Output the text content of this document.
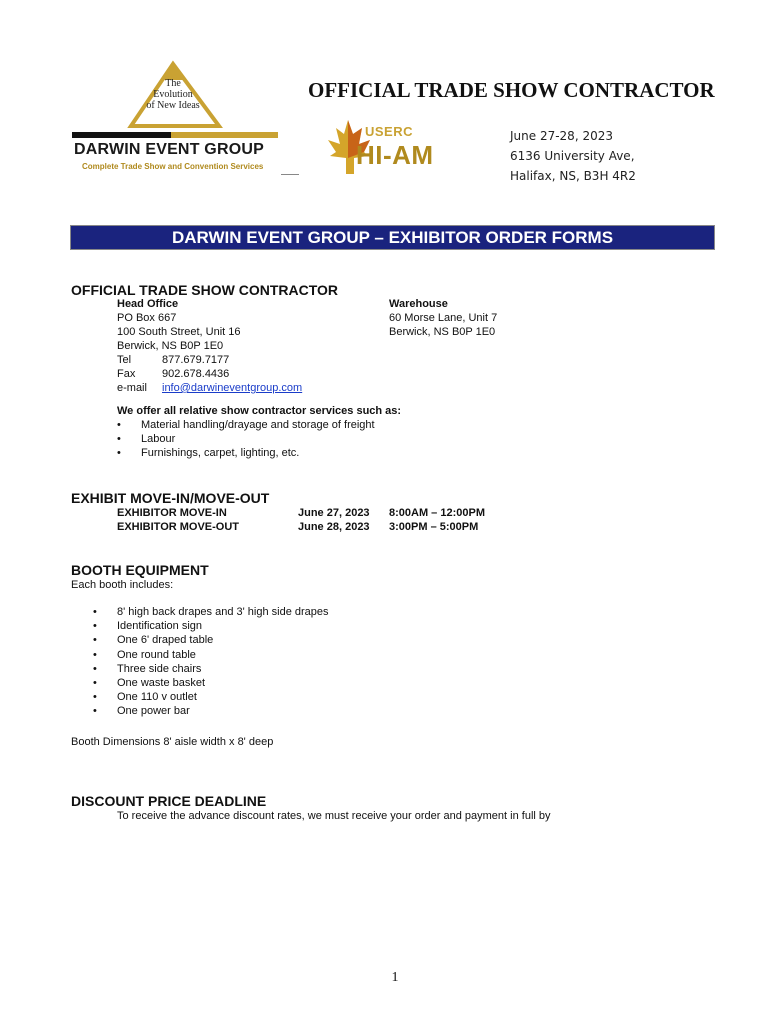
The
Evolution
of New Ideas
DARWIN EVENT GROUP
Complete Trade Show and Convention Services
USERC
HI-AM
OFFICIAL TRADE SHOW CONTRACTOR
June 27-28, 2023
6136 University Ave,
Halifax, NS, B3H 4R2
DARWIN EVENT GROUP – EXHIBITOR ORDER FORMS
OFFICIAL TRADE SHOW CONTRACTOR
Head Office
PO Box 667
100 South Street, Unit 16
Berwick, NS B0P 1E0
Tel	877.679.7177
Fax	902.678.4436
e-mail	info@darwineventgroup.com
Warehouse
60 Morse Lane, Unit 7
Berwick, NS B0P 1E0
We offer all relative show contractor services such as:
• Material handling/drayage and storage of freight
• Labour
• Furnishings, carpet, lighting, etc.
EXHIBIT MOVE-IN/MOVE-OUT
EXHIBITOR MOVE-IN	June 27, 2023	8:00AM – 12:00PM
EXHIBITOR MOVE-OUT	June 28, 2023	3:00PM – 5:00PM
BOOTH EQUIPMENT
Each booth includes:
• 8' high back drapes and 3' high side drapes
• Identification sign
• One 6' draped table
• One round table
• Three side chairs
• One waste basket
• One 110 v outlet
• One power bar
Booth Dimensions 8' aisle width x 8' deep
DISCOUNT PRICE DEADLINE
To receive the advance discount rates, we must receive your order and payment in full by
1
